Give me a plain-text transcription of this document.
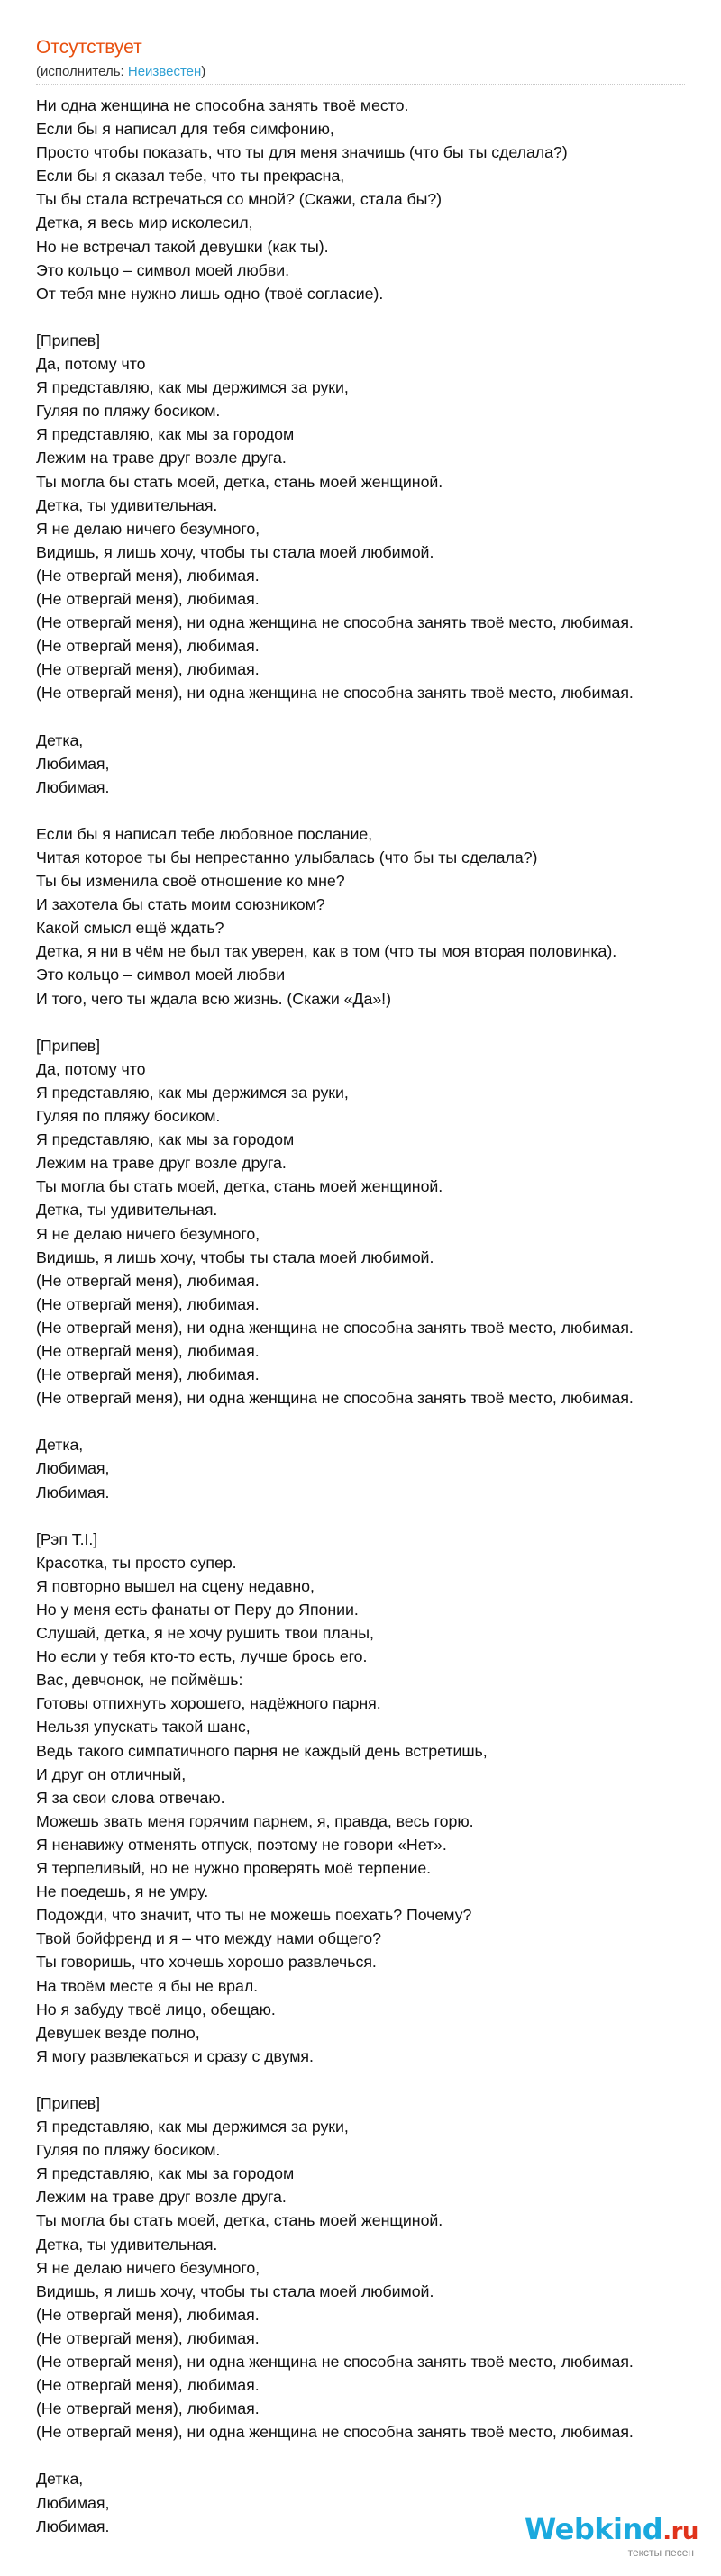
Отсутствует
(исполнитель: Неизвестен)
Ни одна женщина не способна занять твоё место.
Если бы я написал для тебя симфонию,
Просто чтобы показать, что ты для меня значишь (что бы ты сделала?)
Если бы я сказал тебе, что ты прекрасна,
Ты бы стала встречаться со мной? (Скажи, стала бы?)
Детка, я весь мир исколесил,
Но не встречал такой девушки (как ты).
Это кольцо – символ моей любви.
От тебя мне нужно лишь одно (твоё согласие).
[Припев]
Да, потому что
Я представляю, как мы держимся за руки,
Гуляя по пляжу босиком.
Я представляю, как мы за городом
Лежим на траве друг возле друга.
Ты могла бы стать моей, детка, стань моей женщиной.
Детка, ты удивительная.
Я не делаю ничего безумного,
Видишь, я лишь хочу, чтобы ты стала моей любимой.
(Не отвергай меня), любимая.
(Не отвергай меня), любимая.
(Не отвергай меня), ни одна женщина не способна занять твоё место, любимая.
(Не отвергай меня), любимая.
(Не отвергай меня), любимая.
(Не отвергай меня), ни одна женщина не способна занять твоё место, любимая.
Детка,
Любимая,
Любимая.
Если бы я написал тебе любовное послание,
Читая которое ты бы непрестанно улыбалась (что бы ты сделала?)
Ты бы изменила своё отношение ко мне?
И захотела бы стать моим союзником?
Какой смысл ещё ждать?
Детка, я ни в чём не был так уверен, как в том (что ты моя вторая половинка).
Это кольцо – символ моей любви
И того, чего ты ждала всю жизнь. (Скажи «Да»!)
[Припев]
Да, потому что
Я представляю, как мы держимся за руки,
Гуляя по пляжу босиком.
Я представляю, как мы за городом
Лежим на траве друг возле друга.
Ты могла бы стать моей, детка, стань моей женщиной.
Детка, ты удивительная.
Я не делаю ничего безумного,
Видишь, я лишь хочу, чтобы ты стала моей любимой.
(Не отвергай меня), любимая.
(Не отвергай меня), любимая.
(Не отвергай меня), ни одна женщина не способна занять твоё место, любимая.
(Не отвергай меня), любимая.
(Не отвергай меня), любимая.
(Не отвергай меня), ни одна женщина не способна занять твоё место, любимая.
Детка,
Любимая,
Любимая.
[Рэп T.I.]
Красотка, ты просто супер.
Я повторно вышел на сцену недавно,
Но у меня есть фанаты от Перу до Японии.
Слушай, детка, я не хочу рушить твои планы,
Но если у тебя кто-то есть, лучше брось его.
Вас, девчонок, не поймёшь:
Готовы отпихнуть хорошего, надёжного парня.
Нельзя упускать такой шанс,
Ведь такого симпатичного парня не каждый день встретишь,
И друг он отличный,
Я за свои слова отвечаю.
Можешь звать меня горячим парнем, я, правда, весь горю.
Я ненавижу отменять отпуск, поэтому не говори «Нет».
Я терпеливый, но не нужно проверять моё терпение.
Не поедешь, я не умру.
Подожди, что значит, что ты не можешь поехать? Почему?
Твой бойфренд и я – что между нами общего?
Ты говоришь, что хочешь хорошо развлечься.
На твоём месте я бы не врал.
Но я забуду твоё лицо, обещаю.
Девушек везде полно,
Я могу развлекаться и сразу с двумя.
[Припев]
Я представляю, как мы держимся за руки,
Гуляя по пляжу босиком.
Я представляю, как мы за городом
Лежим на траве друг возле друга.
Ты могла бы стать моей, детка, стань моей женщиной.
Детка, ты удивительная.
Я не делаю ничего безумного,
Видишь, я лишь хочу, чтобы ты стала моей любимой.
(Не отвергай меня), любимая.
(Не отвергай меня), любимая.
(Не отвергай меня), ни одна женщина не способна занять твоё место, любимая.
(Не отвергай меня), любимая.
(Не отвергай меня), любимая.
(Не отвергай меня), ни одна женщина не способна занять твоё место, любимая.
Детка,
Любимая,
Любимая.	Webkind.ru
тексты песен
